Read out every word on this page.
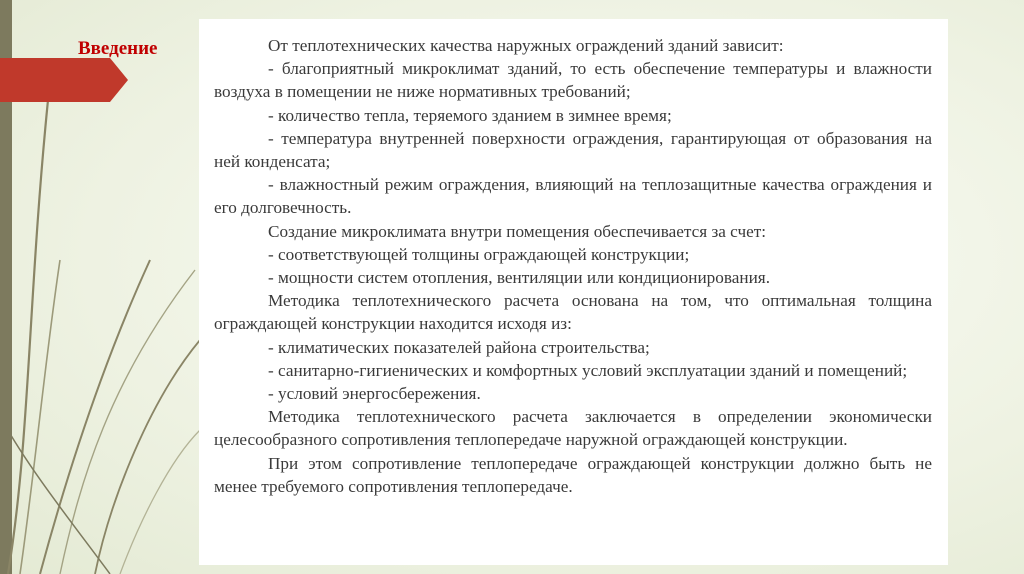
Введение	От теплотехнических качества наружных ограждений зданий зависит:

- благоприятный микроклимат зданий, то есть обеспечение температуры и влажности воздуха в помещении не ниже нормативных требований;

- количество тепла, теряемого зданием в зимнее время;

- температура внутренней поверхности ограждения, гарантирующая от образования на ней конденсата;

- влажностный режим ограждения, влияющий на теплозащитные качества ограждения и его долговечность.

Создание микроклимата внутри помещения обеспечивается за счет:

- соответствующей толщины ограждающей конструкции;

- мощности систем отопления, вентиляции или кондиционирования.

Методика теплотехнического расчета основана на том, что оптимальная толщина ограждающей конструкции находится исходя из:

- климатических показателей района строительства;

- санитарно-гигиенических и комфортных условий эксплуатации зданий и помещений;

- условий энергосбережения.

Методика теплотехнического расчета заключается в определении экономически целесообразного сопротивления теплопередаче наружной ограждающей конструкции.

При этом сопротивление теплопередаче ограждающей конструкции должно быть не менее требуемого сопротивления теплопередаче.
